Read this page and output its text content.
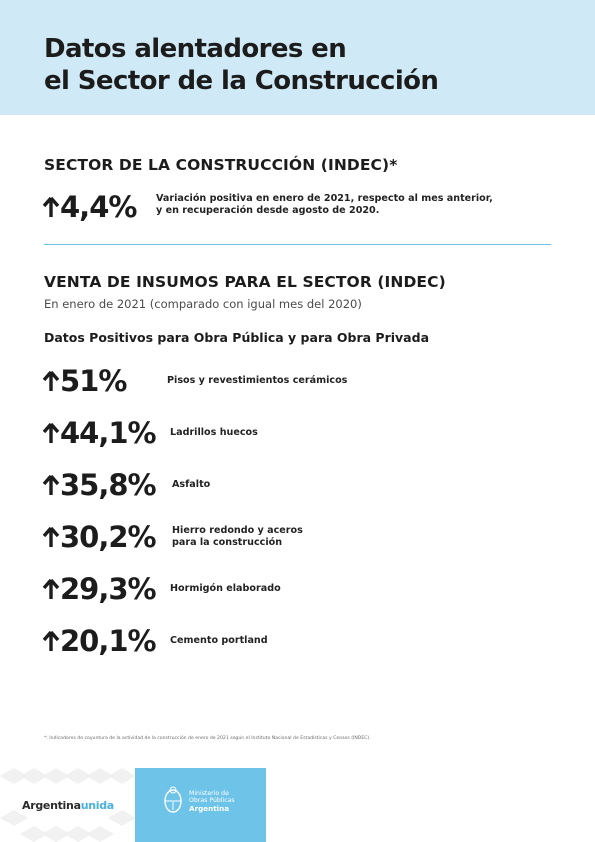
Datos alentadores en
el Sector de la Construcción
SECTOR DE LA CONSTRUCCIÓN (INDEC)*
4,4% Variación positiva en enero de 2021, respecto al mes anterior,
y en recuperación desde agosto de 2020.
VENTA DE INSUMOS PARA EL SECTOR (INDEC)
En enero de 2021 (comparado con igual mes del 2020)
Datos Positivos para Obra Pública y para Obra Privada
51%	Pisos y revestimientos cerámicos
44,1% Ladrillos huecos
35,8% Asfalto
30,2% Hierro redondo y aceros
para la construcción
29,3% Hormigón elaborado
20,1% Cemento portland
*: Indicadores de coyuntura de la actividad de la construcción de enero de 2021 según el Instituto Nacional de Estadísticas y Censos (INDEC).
Argentinaunida
Ministerio de
Obras Públicas
Argentina
